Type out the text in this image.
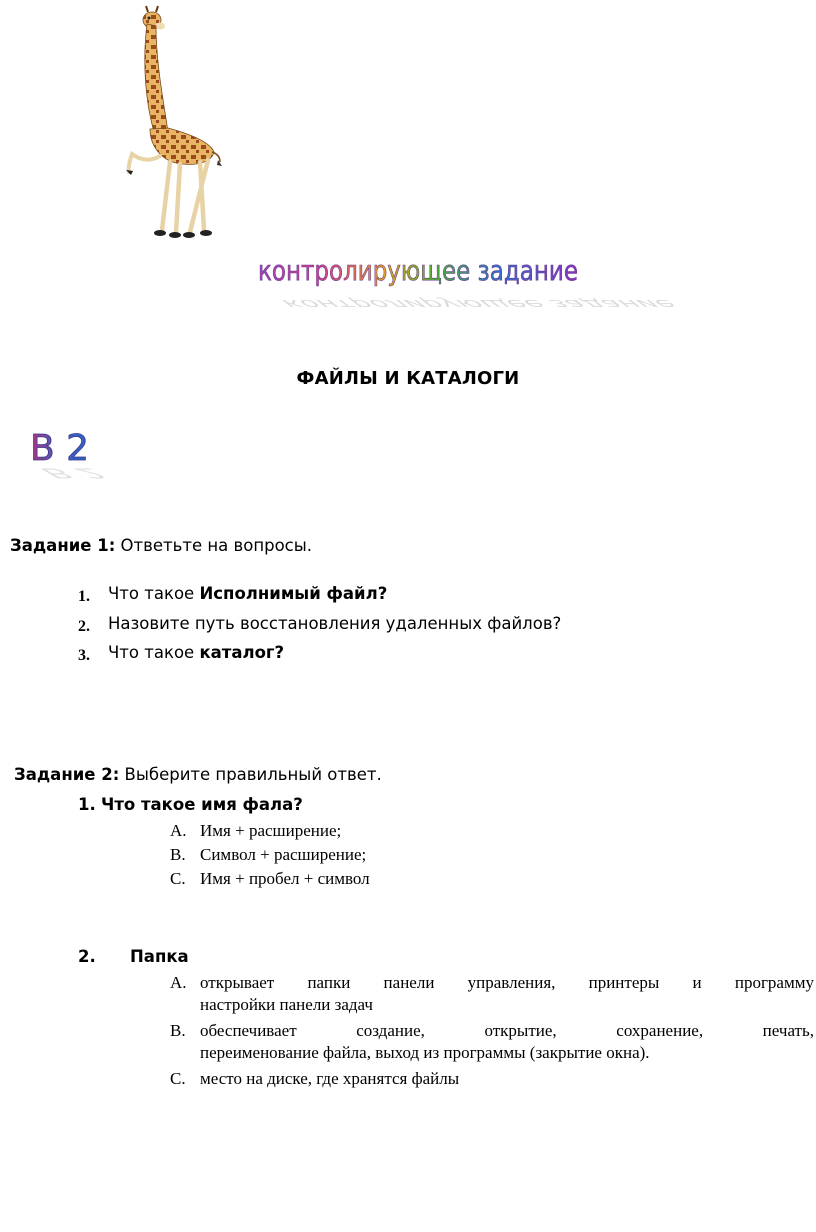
контролирующее задание
контролирующее задание
ФАЙЛЫ И КАТАЛОГИ
В 2
В 2
Задание 1: Ответьте на вопросы.
1. Что такое Исполнимый файл?
2. Назовите путь восстановления удаленных файлов?
3. Что такое каталог?
Задание 2: Выберите правильный ответ.
1. Что такое имя фала?
A. Имя + расширение;
B. Символ + расширение;
C. Имя + пробел + символ
2. Папка
A. открывает папки панели управления, принтеры и программу
настройки панели задач
B. обеспечивает создание, открытие, сохранение, печать,
переименование файла, выход из программы (закрытие окна).
C. место на диске, где хранятся файлы
